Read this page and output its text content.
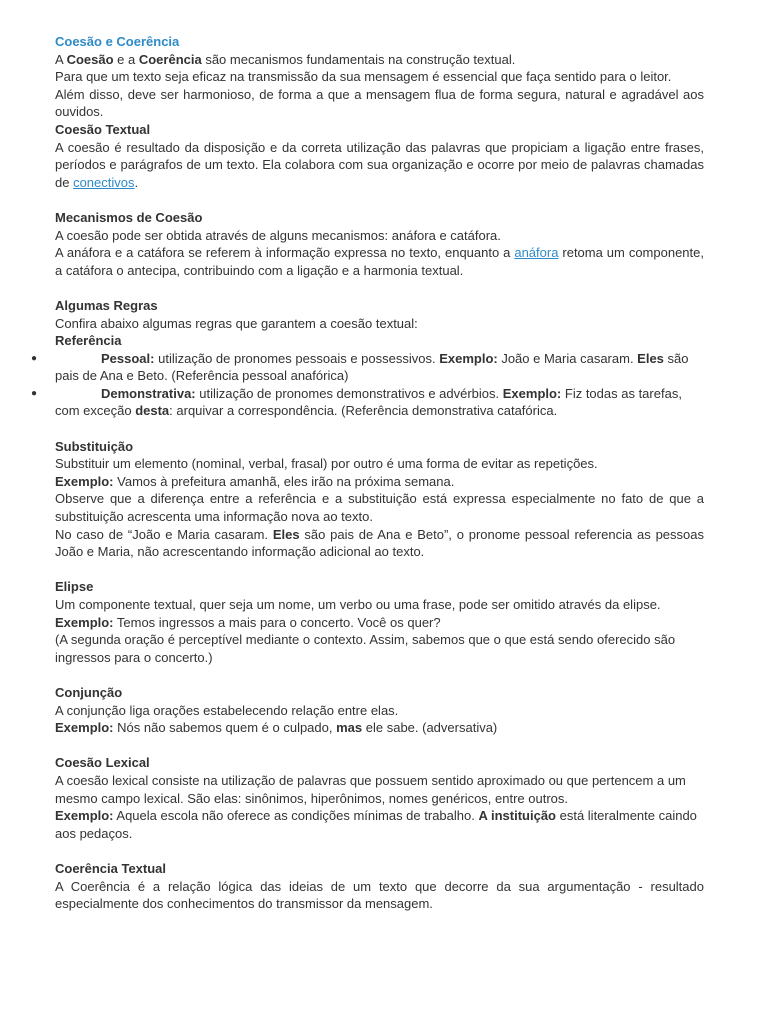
Coesão e Coerência

A Coesão e a Coerência são mecanismos fundamentais na construção textual.

Para que um texto seja eficaz na transmissão da sua mensagem é essencial que faça sentido para o leitor.

Além disso, deve ser harmonioso, de forma a que a mensagem flua de forma segura, natural e agradável aos ouvidos.

Coesão Textual

A coesão é resultado da disposição e da correta utilização das palavras que propiciam a ligação entre frases, períodos e parágrafos de um texto. Ela colabora com sua organização e ocorre por meio de palavras chamadas de conectivos.

Mecanismos de Coesão

A coesão pode ser obtida através de alguns mecanismos: anáfora e catáfora.

A anáfora e a catáfora se referem à informação expressa no texto, enquanto a anáfora retoma um componente, a catáfora o antecipa, contribuindo com a ligação e a harmonia textual.

Algumas Regras

Confira abaixo algumas regras que garantem a coesão textual:

Referência
●	Pessoal: utilização de pronomes pessoais e possessivos. Exemplo: João e Maria casaram. Eles são pais de Ana e Beto. (Referência pessoal anafórica)
●	Demonstrativa: utilização de pronomes demonstrativos e advérbios. Exemplo: Fiz todas as tarefas, com exceção desta: arquivar a correspondência. (Referência demonstrativa catafórica.
Substituição

Substituir um elemento (nominal, verbal, frasal) por outro é uma forma de evitar as repetições.

Exemplo: Vamos à prefeitura amanhã, eles irão na próxima semana.

Observe que a diferença entre a referência e a substituição está expressa especialmente no fato de que a substituição acrescenta uma informação nova ao texto.

No caso de “João e Maria casaram. Eles são pais de Ana e Beto”, o pronome pessoal referencia as pessoas João e Maria, não acrescentando informação adicional ao texto.

Elipse

Um componente textual, quer seja um nome, um verbo ou uma frase, pode ser omitido através da elipse.

Exemplo: Temos ingressos a mais para o concerto. Você os quer?

(A segunda oração é perceptível mediante o contexto. Assim, sabemos que o que está sendo oferecido são ingressos para o concerto.)

Conjunção

A conjunção liga orações estabelecendo relação entre elas.

Exemplo: Nós não sabemos quem é o culpado, mas ele sabe. (adversativa)

Coesão Lexical

A coesão lexical consiste na utilização de palavras que possuem sentido aproximado ou que pertencem a um mesmo campo lexical. São elas: sinônimos, hiperônimos, nomes genéricos, entre outros.

Exemplo: Aquela escola não oferece as condições mínimas de trabalho. A instituição está literalmente caindo aos pedaços.

Coerência Textual

A Coerência é a relação lógica das ideias de um texto que decorre da sua argumentação - resultado especialmente dos conhecimentos do transmissor da mensagem.
